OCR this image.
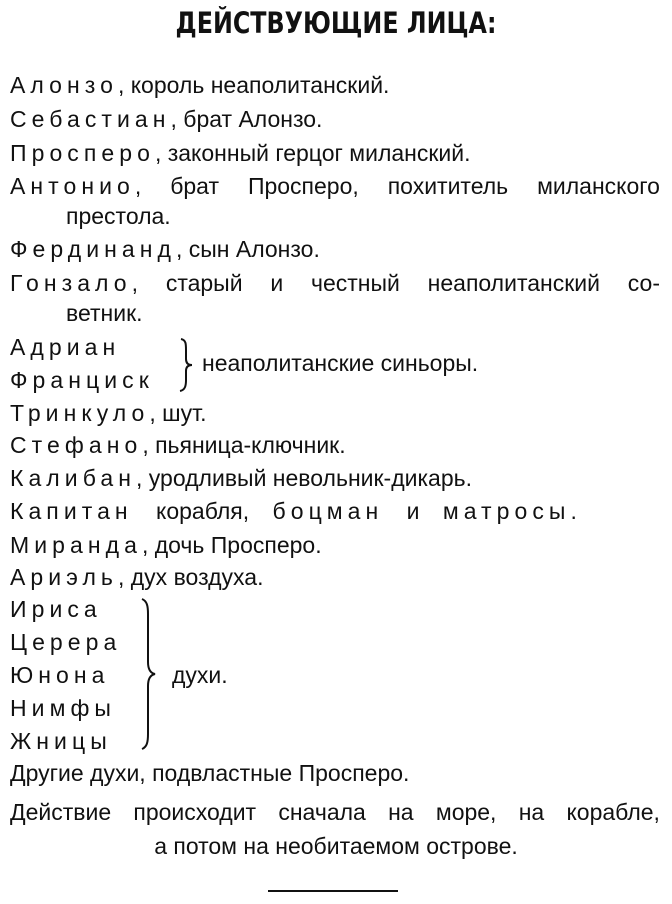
ДЕЙСТВУЮЩИЕ ЛИЦА:
Алонзо, король неаполитанский.
Себастиан, брат Алонзо.
Просперо, законный герцог миланский.
Антонио, брат Просперо, похититель миланского
престола.
Фердинанд, сын Алонзо.
Гонзало, старый и честный неаполитанский со-
ветник.
Адриан
Франциск
неаполитанские синьоры.
Тринкуло, шут.
Стефано, пьяница-ключник.
Калибан, уродливый невольник-дикарь.
Капитан корабля, боцман и матросы.
Миранда, дочь Просперо.
Ариэль, дух воздуха.
Ириса
Церера
Юнона
Нимфы
Жницы
духи.
Другие духи, подвластные Просперо.
Действие происходит сначала на море, на корабле,
а потом на необитаемом острове.
